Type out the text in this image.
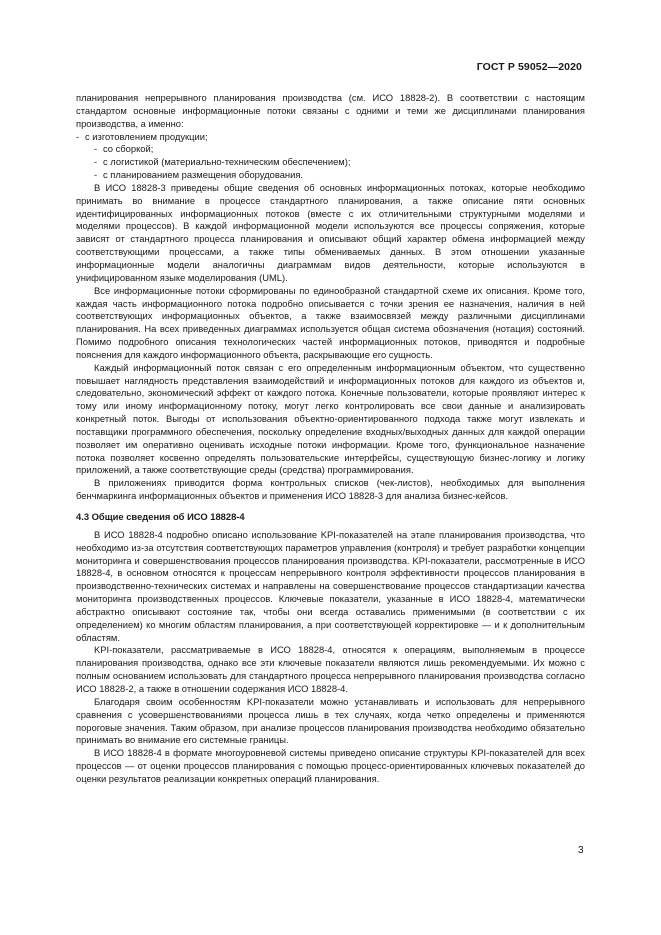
ГОСТ Р 59052—2020

планирования непрерывного планирования производства (см. ИСО 18828-2). В соответствии с настоящим стандартом основные информационные потоки связаны с одними и теми же дисциплинами планирования производства, а именно:

- с изготовлением продукции;

- со сборкой;

- с логистикой (материально-техническим обеспечением);

- с планированием размещения оборудования.

В ИСО 18828-3 приведены общие сведения об основных информационных потоках, которые необходимо принимать во внимание в процессе стандартного планирования, а также описание пяти основных идентифицированных информационных потоков (вместе с их отличительными структурными моделями и моделями процессов). В каждой информационной модели используются все процессы сопряжения, которые зависят от стандартного процесса планирования и описывают общий характер обмена информацией между соответствующими процессами, а также типы обмениваемых данных. В этом отношении указанные информационные модели аналогичны диаграммам видов деятельности, которые используются в унифицированном языке моделирования (UML).

Все информационные потоки сформированы по единообразной стандартной схеме их описания. Кроме того, каждая часть информационного потока подробно описывается с точки зрения ее назначения, наличия в ней соответствующих информационных объектов, а также взаимосвязей между различными дисциплинами планирования. На всех приведенных диаграммах используется общая система обозначения (нотация) состояний. Помимо подробного описания технологических частей информационных потоков, приводятся и подробные пояснения для каждого информационного объекта, раскрывающие его сущность.

Каждый информационный поток связан с его определенным информационным объектом, что существенно повышает наглядность представления взаимодействий и информационных потоков для каждого из объектов и, следовательно, экономический эффект от каждого потока. Конечные пользователи, которые проявляют интерес к тому или иному информационному потоку, могут легко контролировать все свои данные и анализировать конкретный поток. Выгоды от использования объектно-ориентированного подхода также могут извлекать и поставщики программного обеспечения, поскольку определение входных/выходных данных для каждой операции позволяет им оперативно оценивать исходные потоки информации. Кроме того, функциональное назначение потока позволяет косвенно определять пользовательские интерфейсы, существующую бизнес-логику и логику приложений, а также соответствующие среды (средства) программирования.

В приложениях приводится форма контрольных списков (чек-листов), необходимых для выполнения бенчмаркинга информационных объектов и применения ИСО 18828-3 для анализа бизнес-кейсов.

4.3 Общие сведения об ИСО 18828-4

В ИСО 18828-4 подробно описано использование KPI-показателей на этапе планирования производства, что необходимо из-за отсутствия соответствующих параметров управления (контроля) и требует разработки концепции мониторинга и совершенствования процессов планирования производства. KPI-показатели, рассмотренные в ИСО 18828-4, в основном относятся к процессам непрерывного контроля эффективности процессов планирования в производственно-технических системах и направлены на совершенствование процессов стандартизации качества мониторинга производственных процессов. Ключевые показатели, указанные в ИСО 18828-4, математически абстрактно описывают состояние так, чтобы они всегда оставались применимыми (в соответствии с их определением) ко многим областям планирования, а при соответствующей корректировке — и к дополнительным областям.

KPI-показатели, рассматриваемые в ИСО 18828-4, относятся к операциям, выполняемым в процессе планирования производства, однако все эти ключевые показатели являются лишь рекомендуемыми. Их можно с полным основанием использовать для стандартного процесса непрерывного планирования производства согласно ИСО 18828-2, а также в отношении содержания ИСО 18828-4.

Благодаря своим особенностям KPI-показатели можно устанавливать и использовать для непрерывного сравнения с усовершенствованиями процесса лишь в тех случаях, когда четко определены и применяются пороговые значения. Таким образом, при анализе процессов планирования производства необходимо обязательно принимать во внимание его системные границы.

В ИСО 18828-4 в формате многоуровневой системы приведено описание структуры KPI-показателей для всех процессов — от оценки процессов планирования с помощью процесс-ориентированных ключевых показателей до оценки результатов реализации конкретных операций планирования.

3
